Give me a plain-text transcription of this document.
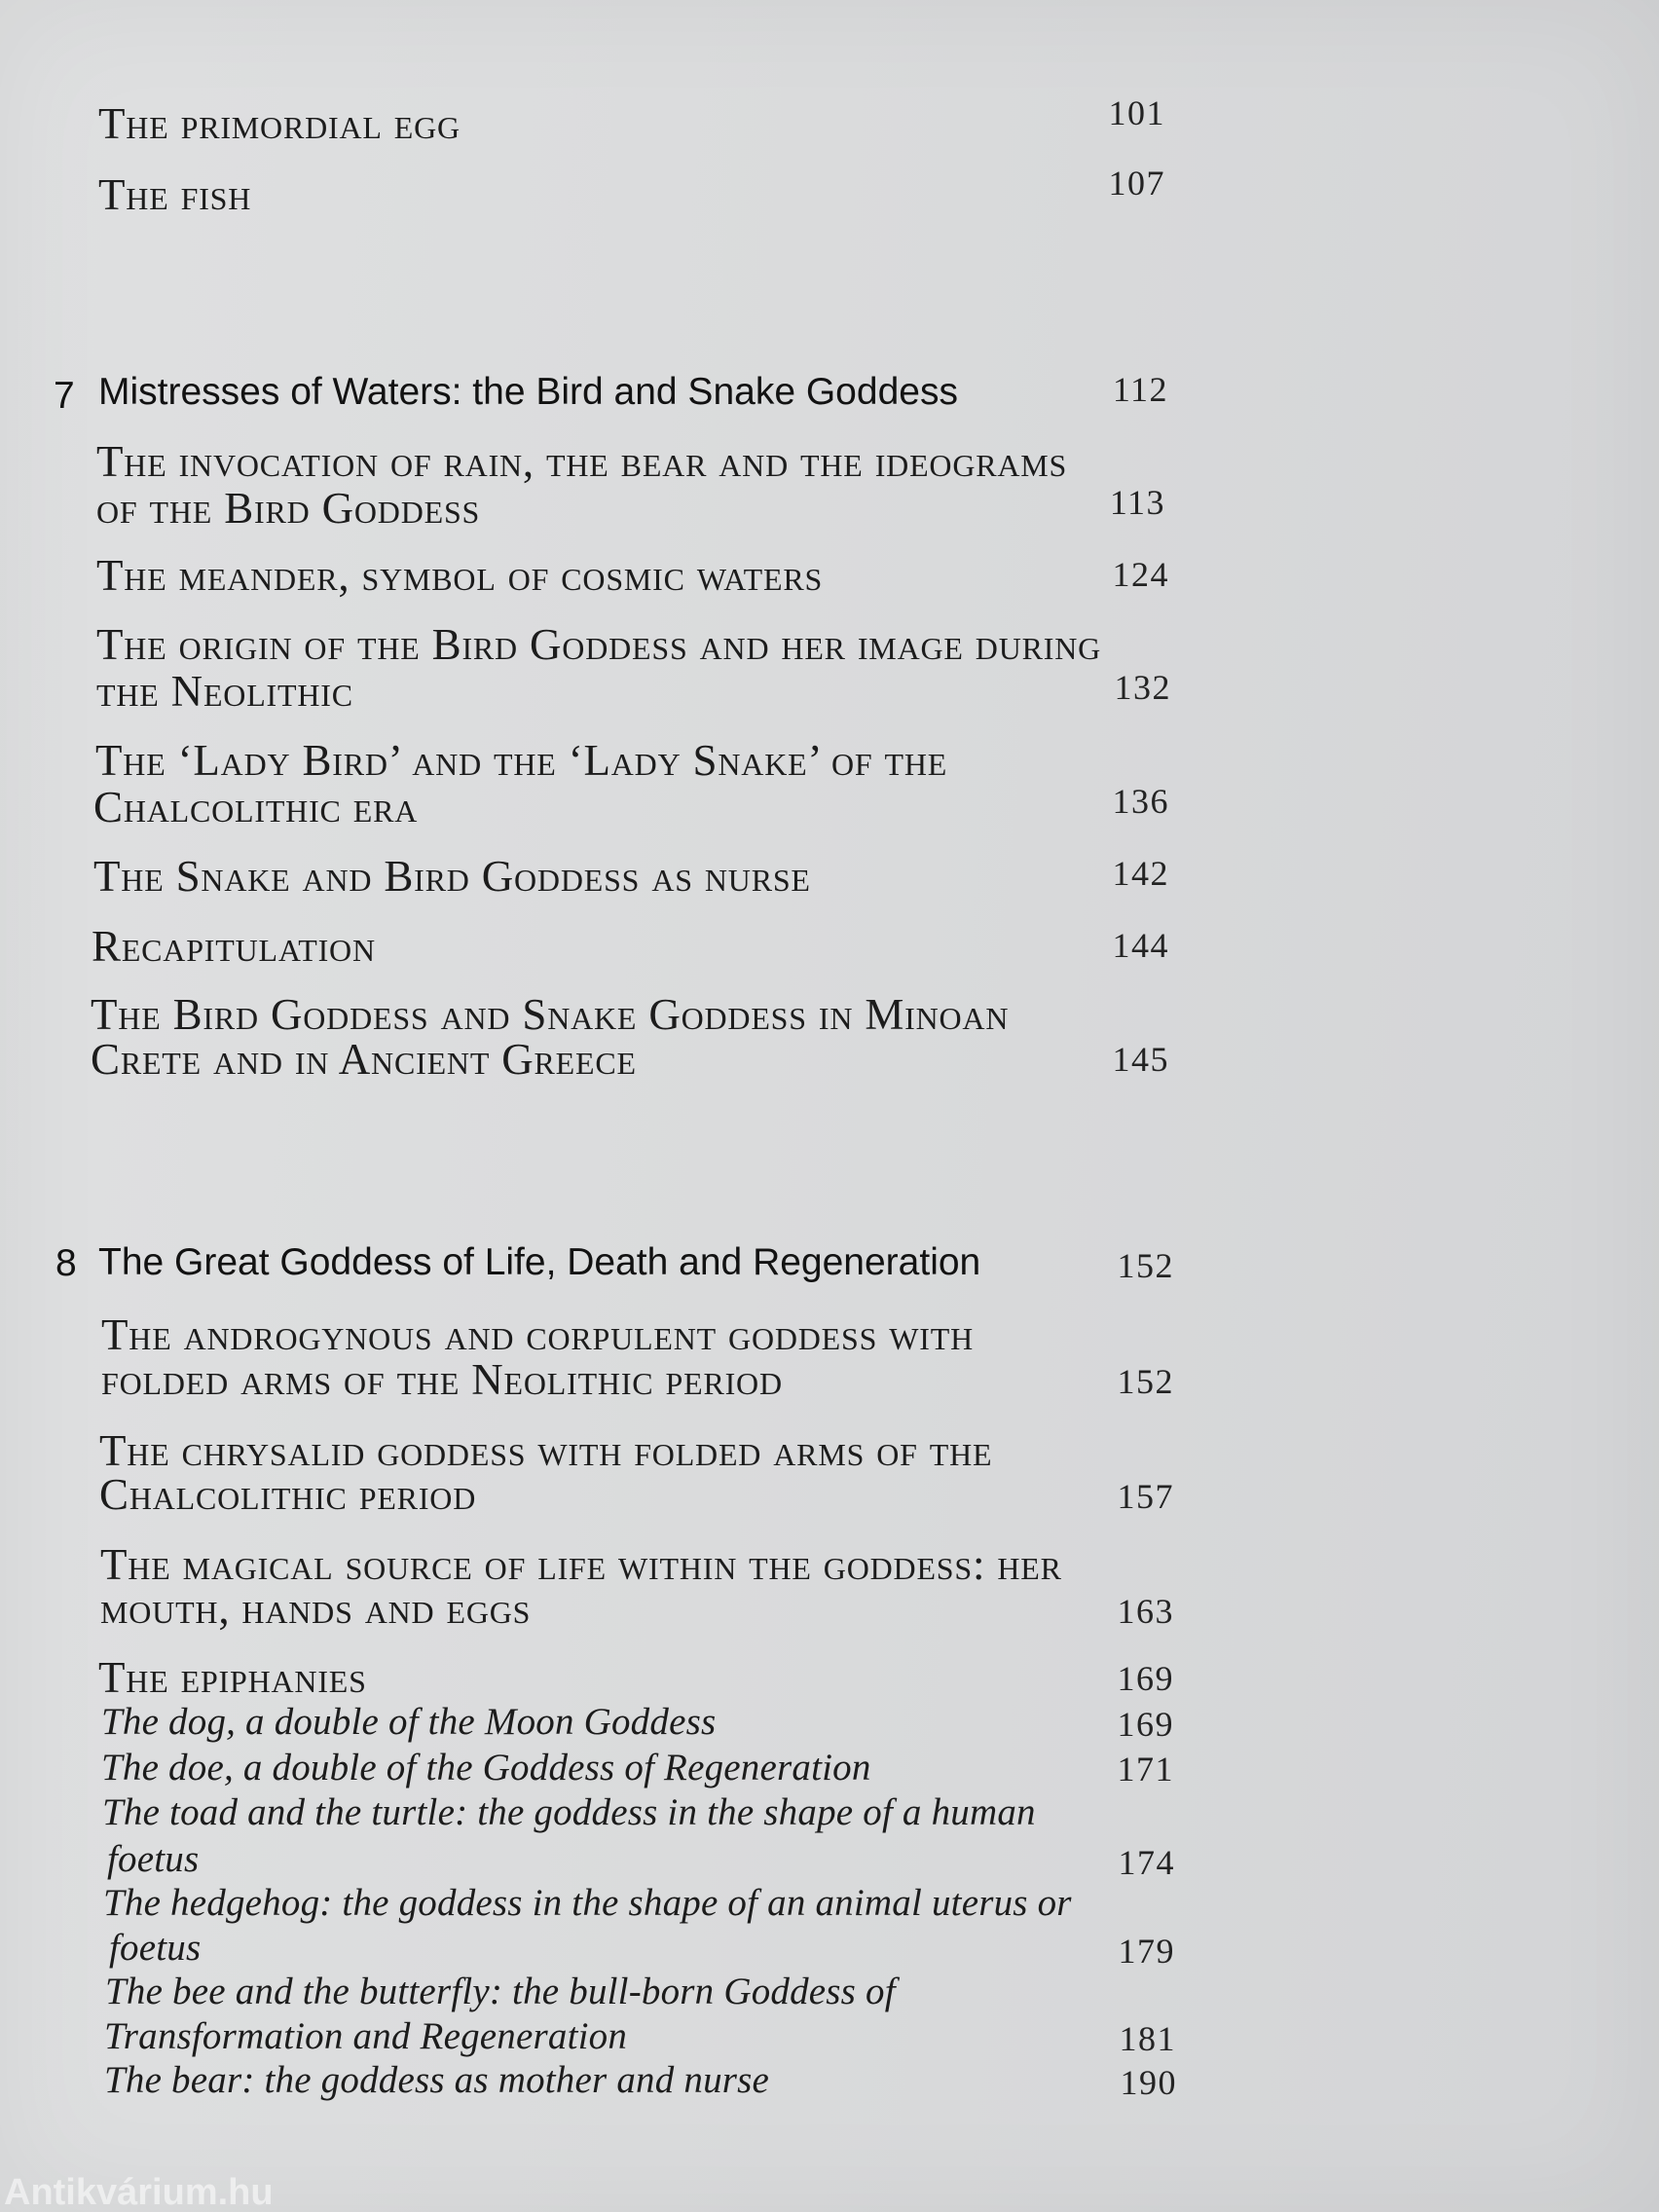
The primordial egg	101
The fish	107
7 Mistresses of Waters: the Bird and Snake Goddess	112
The invocation of rain, the bear and the ideograms
of the Bird Goddess	113
The meander, symbol of cosmic waters	124
The origin of the Bird Goddess and her image during
the Neolithic	132
The ‘Lady Bird’ and the ‘Lady Snake’ of the
Chalcolithic era	136
The Snake and Bird Goddess as nurse	142
Recapitulation	144
The Bird Goddess and Snake Goddess in Minoan
Crete and in Ancient Greece	145
8 The Great Goddess of Life, Death and Regeneration	152
The androgynous and corpulent goddess with
folded arms of the Neolithic period	152
The chrysalid goddess with folded arms of the
Chalcolithic period	157
The magical source of life within the goddess: her
mouth, hands and eggs	163
The epiphanies	169
The dog, a double of the Moon Goddess	169
The doe, a double of the Goddess of Regeneration	171
The toad and the turtle: the goddess in the shape of a human
foetus	174
The hedgehog: the goddess in the shape of an animal uterus or
foetus	179
The bee and the butterfly: the bull-born Goddess of
Transformation and Regeneration	181
The bear: the goddess as mother and nurse	190
Antikvárium.hu
